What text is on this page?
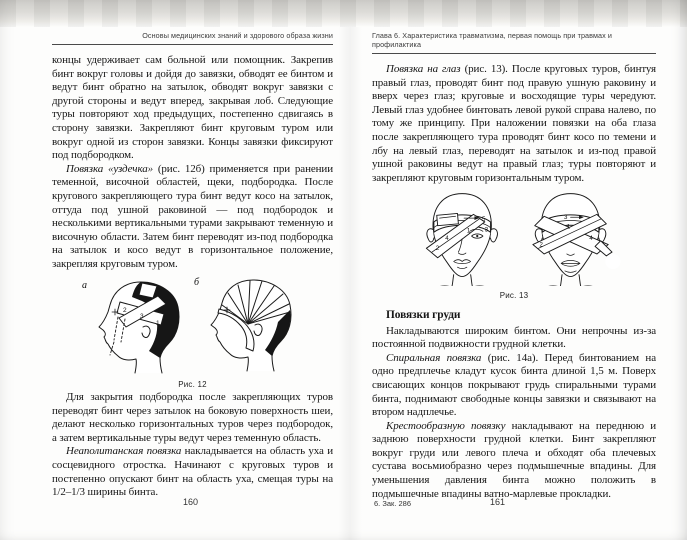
Основы медицинских знаний и здорового образа жизни

концы удерживает сам больной или помощник. Закрепив бинт вокруг головы и дойдя до завязки, обводят ее бинтом и ведут бинт обратно на затылок, обводят вокруг завязки с другой стороны и ведут вперед, закрывая лоб. Следующие туры повторяют ход предыдущих, постепенно сдвигаясь в сторону завязки. Закрепляют бинт круговым туром или вокруг одной из сторон завязки. Концы завязки фиксируют под подбородком.

Повязка «уздечка» (рис. 12б) применяется при ранении теменной, височной областей, щеки, подбородка. После кругового закрепляющего тура бинт ведут косо на затылок, оттуда под ушной раковиной — под подбородок и несколькими вертикальными турами закрывают теменную и височную области. Затем бинт переводят из-под подбородка на затылок и косо ведут в горизонтальное положение, закрепляя круговым туром.

а	б
2
3
1
Рис. 12

Для закрытия подбородка после закрепляющих туров переводят бинт через затылок на боковую поверхность шеи, делают несколько горизонтальных туров через подбородок, а затем вертикальные туры ведут через теменную область.

Неаполитанская повязка накладывается на область уха и сосцевидного отростка. Начинают с круговых туров и постепенно опускают бинт на область уха, смещая туры на 1/2–1/3 ширины бинта.

Глава 6. Характеристика травматизма, первая помощь при травмах и профилактика

Повязка на глаз (рис. 13). После круговых туров, бинтуя правый глаз, проводят бинт под правую ушную раковину и вверх через глаз; круговые и восходящие туры чередуют. Левый глаз удобнее бинтовать левой рукой справа налево, по тому же принципу. При наложении повязки на оба глаза после закрепляющего тура проводят бинт косо по темени и лбу на левый глаз, переводят на затылок и из-под правой ушной раковины ведут на правый глаз; туры повторяют и закрепляют круговым горизонтальным туром.

5
3
4
2
1
3
1
4
2
Рис. 13

Повязки груди

Накладываются широким бинтом. Они непрочны из-за постоянной подвижности грудной клетки.

Спиральная повязка (рис. 14а). Перед бинтованием на одно предплечье кладут кусок бинта длиной 1,5 м. Поверх свисающих концов покрывают грудь спиральными турами бинта, поднимают свободные концы завязки и связывают на втором надплечье.

Крестообразную повязку накладывают на переднюю и заднюю поверхности грудной клетки. Бинт закрепляют вокруг груди или левого плеча и обходят оба плечевых сустава восьмиобразно через подмышечные впадины. Для уменьшения давления бинта можно положить в подмышечные впадины ватно-марлевые прокладки.

160	6. Зак. 286	161
